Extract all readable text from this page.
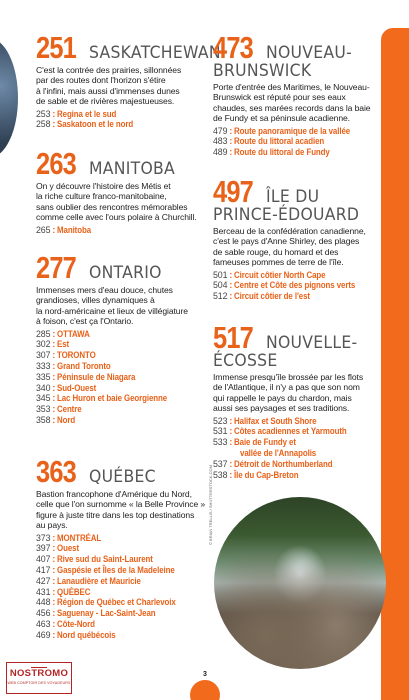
251 SASKATCHEWAN
C'est la contrée des prairies, sillonnées
par des routes dont l'horizon s'étire
à l'infini, mais aussi d'immenses dunes
de sable et de rivières majestueuses.
253 : Regina et le sud
258 : Saskatoon et le nord
263 MANITOBA
On y découvre l'histoire des Métis et
la riche culture franco-manitobaine,
sans oublier des rencontres mémorables
comme celle avec l'ours polaire à Churchill.
265 : Manitoba
277 ONTARIO
Immenses mers d'eau douce, chutes
grandioses, villes dynamiques à
la nord-américaine et lieux de villégiature
à foison, c'est ça l'Ontario.
285 : OTTAWA
302 : Est
307 : TORONTO
333 : Grand Toronto
335 : Péninsule de Niagara
340 : Sud-Ouest
345 : Lac Huron et baie Georgienne
353 : Centre
358 : Nord
363 QUÉBEC
Bastion francophone d'Amérique du Nord,
celle que l'on surnomme « la Belle Province »
figure à juste titre dans les top destinations
au pays.
373 : MONTRÉAL
397 : Ouest
407 : Rive sud du Saint-Laurent
417 : Gaspésie et Îles de la Madeleine
427 : Lanaudière et Mauricie
431 : QUÉBEC
448 : Région de Québec et Charlevoix
456 : Saguenay - Lac-Saint-Jean
463 : Côte-Nord
469 : Nord québécois
473 NOUVEAU-
BRUNSWICK
Porte d'entrée des Maritimes, le Nouveau-
Brunswick est réputé pour ses eaux
chaudes, ses marées records dans la baie
de Fundy et sa péninsule acadienne.
479 : Route panoramique de la vallée
483 : Route du littoral acadien
489 : Route du littoral de Fundy
497 ÎLE DU
PRINCE-ÉDOUARD
Berceau de la confédération canadienne,
c'est le pays d'Anne Shirley, des plages
de sable rouge, du homard et des
fameuses pommes de terre de l'île.
501 : Circuit côtier North Cape
504 : Centre et Côte des pignons verts
512 : Circuit côtier de l'est
517 NOUVELLE-
ÉCOSSE
Immense presqu'île brossée par les flots
de l'Atlantique, il n'y a pas que son nom
qui rappelle le pays du chardon, mais
aussi ses paysages et ses traditions.
523 : Halifax et South Shore
531 : Côtes acadiennes et Yarmouth
533 : Baie de Fundy et
vallée de l'Annapolis
537 : Détroit de Northumberland
538 : Île du Cap-Breton
© BRIAN TRELLIS / SHUTTERSTOCK.COM
3
NOSTROMO
WEB COMPTOIR DES VOYAGEURS
